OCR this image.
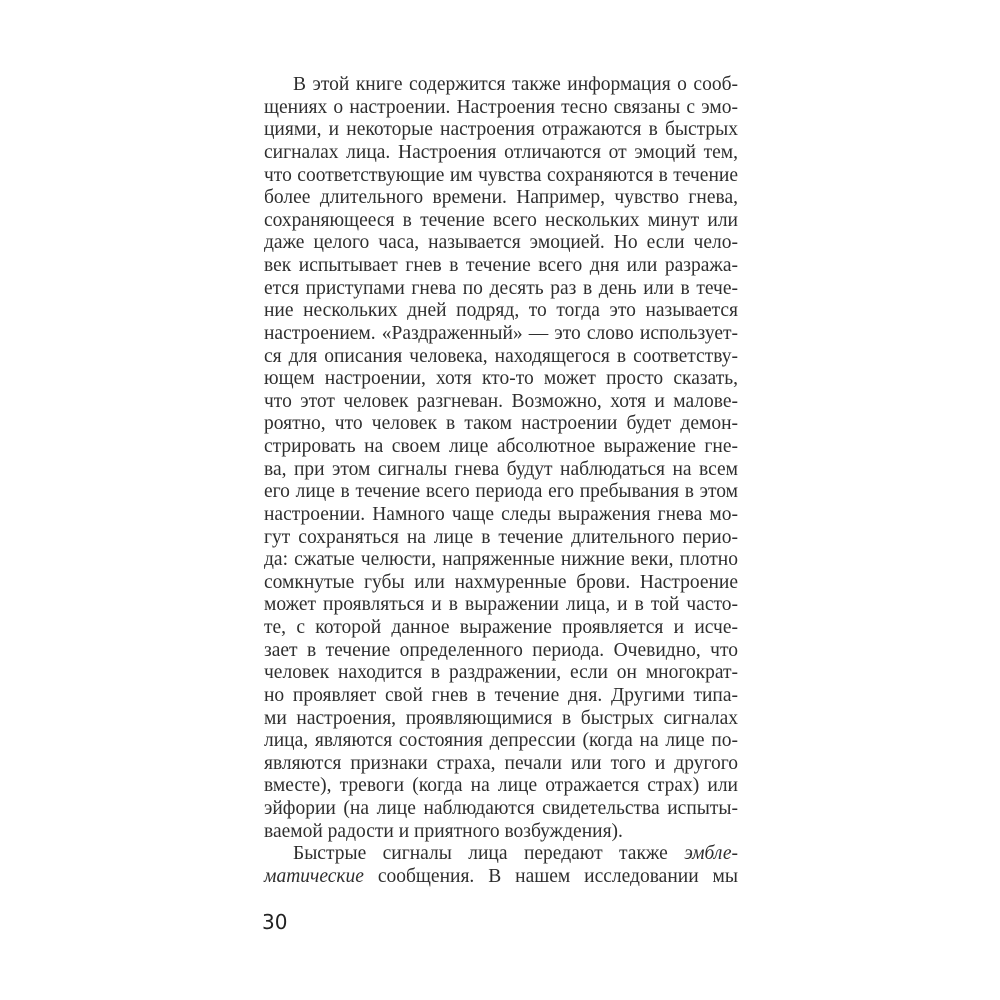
В этой книге содержится также информация о сооб-
щениях о настроении. Настроения тесно связаны с эмо-
циями, и некоторые настроения отражаются в быстрых
сигналах лица. Настроения отличаются от эмоций тем,
что соответствующие им чувства сохраняются в течение
более длительного времени. Например, чувство гнева,
сохраняющееся в течение всего нескольких минут или
даже целого часа, называется эмоцией. Но если чело-
век испытывает гнев в течение всего дня или разража-
ется приступами гнева по десять раз в день или в тече-
ние нескольких дней подряд, то тогда это называется
настроением. «Раздраженный» — это слово использует-
ся для описания человека, находящегося в соответству-
ющем настроении, хотя кто-то может просто сказать,
что этот человек разгневан. Возможно, хотя и малове-
роятно, что человек в таком настроении будет демон-
стрировать на своем лице абсолютное выражение гне-
ва, при этом сигналы гнева будут наблюдаться на всем
его лице в течение всего периода его пребывания в этом
настроении. Намного чаще следы выражения гнева мо-
гут сохраняться на лице в течение длительного перио-
да: сжатые челюсти, напряженные нижние веки, плотно
сомкнутые губы или нахмуренные брови. Настроение
может проявляться и в выражении лица, и в той часто-
те, с которой данное выражение проявляется и исче-
зает в течение определенного периода. Очевидно, что
человек находится в раздражении, если он многократ-
но проявляет свой гнев в течение дня. Другими типа-
ми настроения, проявляющимися в быстрых сигналах
лица, являются состояния депрессии (когда на лице по-
являются признаки страха, печали или того и другого
вместе), тревоги (когда на лице отражается страх) или
эйфории (на лице наблюдаются свидетельства испыты-
ваемой радости и приятного возбуждения).
Быстрые сигналы лица передают также эмбле-
матические сообщения. В нашем исследовании мы
30
